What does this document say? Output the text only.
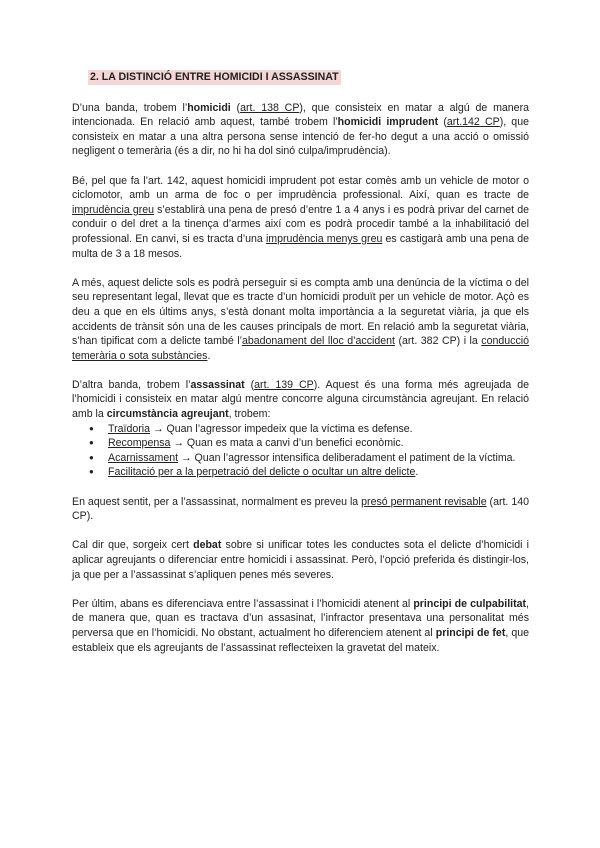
2. LA DISTINCIÓ ENTRE HOMICIDI I ASSASSINAT

D’una banda, trobem l’homicidi (art. 138 CP), que consisteix en matar a algú de manera intencionada. En relació amb aquest, també trobem l’homicidi imprudent (art.142 CP), que consisteix en matar a una altra persona sense intenció de fer-ho degut a una acció o omissió negligent o temerària (és a dir, no hi ha dol sinó culpa/imprudència).

Bé, pel que fa l’art. 142, aquest homicidi imprudent pot estar comès amb un vehicle de motor o ciclomotor, amb un arma de foc o per imprudència professional. Així, quan es tracte de imprudència greu s’establirà una pena de presó d’entre 1 a 4 anys i es podrà privar del carnet de conduir o del dret a la tinença d’armes així com es podrà procedir també a la inhabilitació del professional. En canvi, si es tracta d’una imprudència menys greu es castigarà amb una pena de multa de 3 a 18 mesos.

A més, aquest delicte sols es podrà perseguir si es compta amb una denúncia de la víctima o del seu representant legal, llevat que es tracte d’un homicidi produït per un vehicle de motor. Açò es deu a que en els últims anys, s’està donant molta importància a la seguretat viària, ja que els accidents de trànsit són una de les causes principals de mort. En relació amb la seguretat viària, s’han tipificat com a delicte també l’abadonament del lloc d’accident (art. 382 CP) i la conducció temerària o sota substàncies.

D’altra banda, trobem l’assassinat (art. 139 CP). Aquest és una forma més agreujada de l’homicidi i consisteix en matar algú mentre concorre alguna circumstància agreujant. En relació amb la circumstància agreujant, trobem:

● Traïdoria → Quan l’agressor impedeix que la víctima es defense.
● Recompensa → Quan es mata a canvi d’un benefici econòmic.
● Acarnissament → Quan l’agressor intensifica deliberadament el patiment de la víctima.
● Facilitació per a la perpetració del delicte o ocultar un altre delicte.

En aquest sentit, per a l’assassinat, normalment es preveu la presó permanent revisable (art. 140 CP).

Cal dir que, sorgeix cert debat sobre si unificar totes les conductes sota el delicte d’homicidi i aplicar agreujants o diferenciar entre homicidi i assassinat. Però, l’opció preferida és distingir-los, ja que per a l’assassinat s’apliquen penes més severes.

Per últim, abans es diferenciava entre l’assassinat i l’homicidi atenent al principi de culpabilitat, de manera que, quan es tractava d’un assasinat, l’infractor presentava una personalitat més perversa que en l’homicidi. No obstant, actualment ho diferenciem atenent al principi de fet, que estableix que els agreujants de l’assassinat reflecteixen la gravetat del mateix.
